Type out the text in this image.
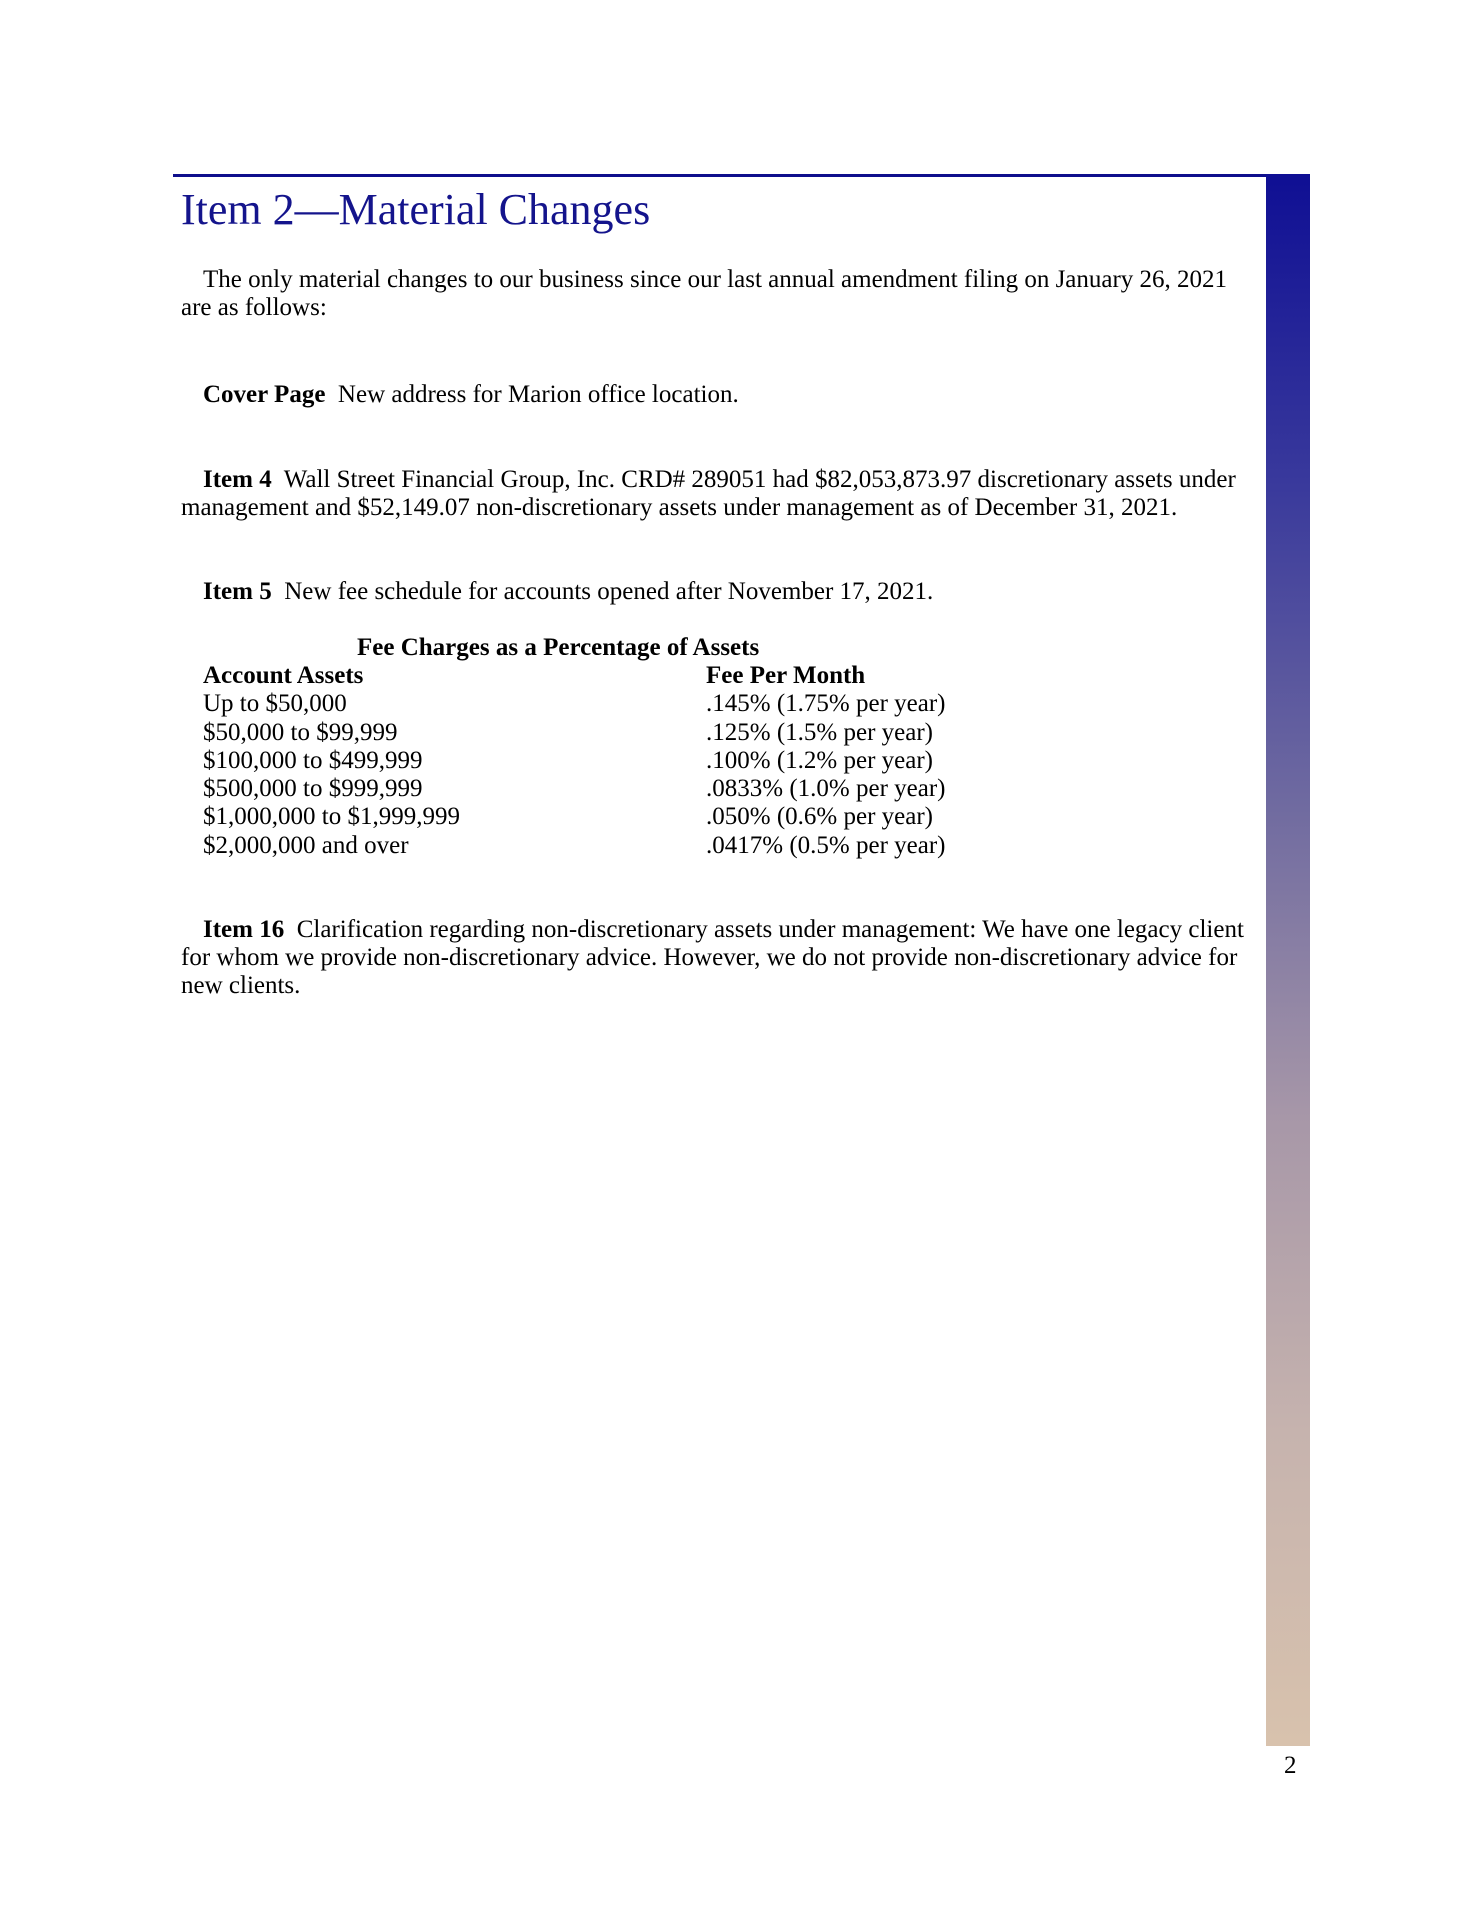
Item 2—Material Changes

The only material changes to our business since our last annual amendment filing on January 26, 2021 are as follows:

Cover Page New address for Marion office location.

Item 4 Wall Street Financial Group, Inc. CRD# 289051 had $82,053,873.97 discretionary assets under management and $52,149.07 non-discretionary assets under management as of December 31, 2021.

Item 5 New fee schedule for accounts opened after November 17, 2021.

Fee Charges as a Percentage of Assets
Account Assets	Fee Per Month
Up to $50,000	.145% (1.75% per year)
$50,000 to $99,999	.125% (1.5% per year)
$100,000 to $499,999	.100% (1.2% per year)
$500,000 to $999,999	.0833% (1.0% per year)
$1,000,000 to $1,999,999	.050% (0.6% per year)
$2,000,000 and over	.0417% (0.5% per year)

Item 16 Clarification regarding non-discretionary assets under management: We have one legacy client for whom we provide non-discretionary advice. However, we do not provide non-discretionary advice for new clients.

2
